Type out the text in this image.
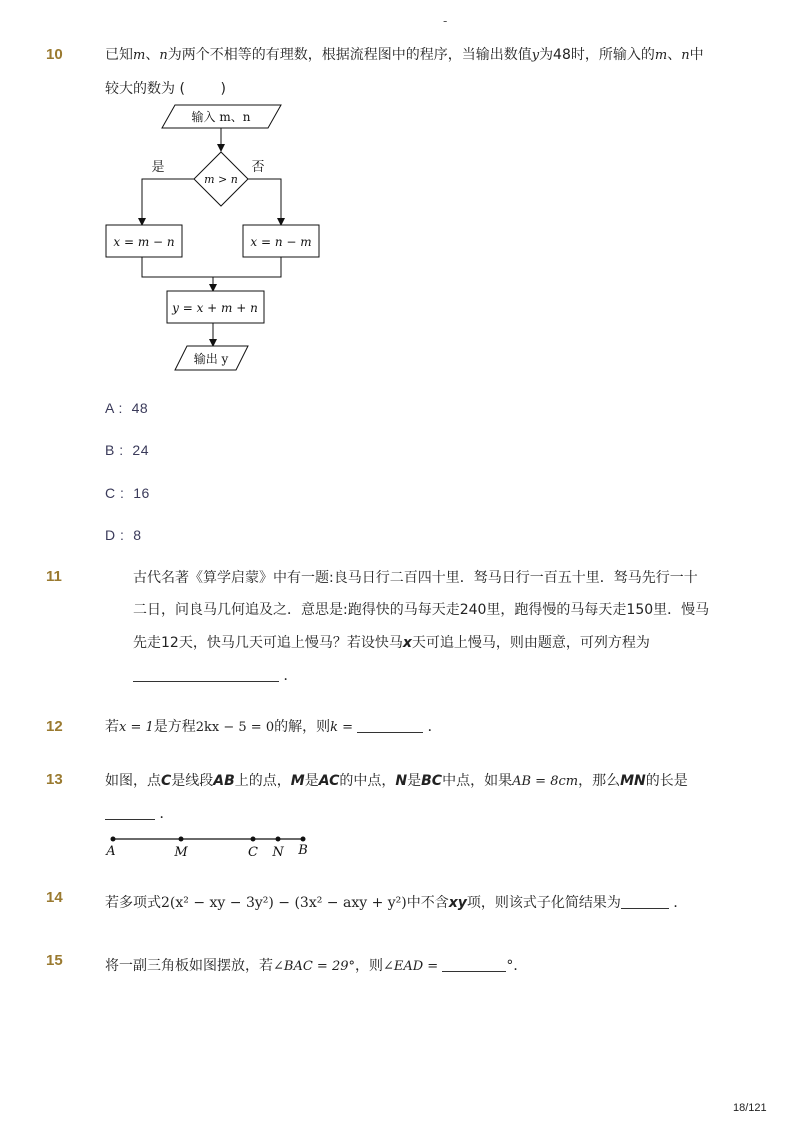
-
10	已知m、n为两个不相等的有理数，根据流程图中的程序，当输出数值y为48时，所输入的m、n中
较大的数为 (        )
输入 m、n
m > n
是	否
x = m − n	x = n − m
y = x + m + n
输出 y
A :  48
B :  24
C :  16
D :  8
11	古代名著《算学启蒙》中有一题:良马日行二百四十里．驽马日行一百五十里．驽马先行一十
二日，问良马几何追及之．意思是:跑得快的马每天走240里，跑得慢的马每天走150里．慢马
先走12天，快马几天可追上慢马？若设快马x天可追上慢马，则由题意，可列方程为
．
12	若x = 1是方程2kx − 5 = 0的解，则k =	．
13	如图，点C是线段AB上的点，M是AC的中点，N是BC中点，如果AB = 8cm，那么MN的长是
．
A	M	C N B
14	若多项式2(x² − xy − 3y²) − (3x² − axy + y²)中不含xy项，则该式子化简结果为	．
15	将一副三角板如图摆放，若∠BAC = 29°，则∠EAD =	°．
18/121
